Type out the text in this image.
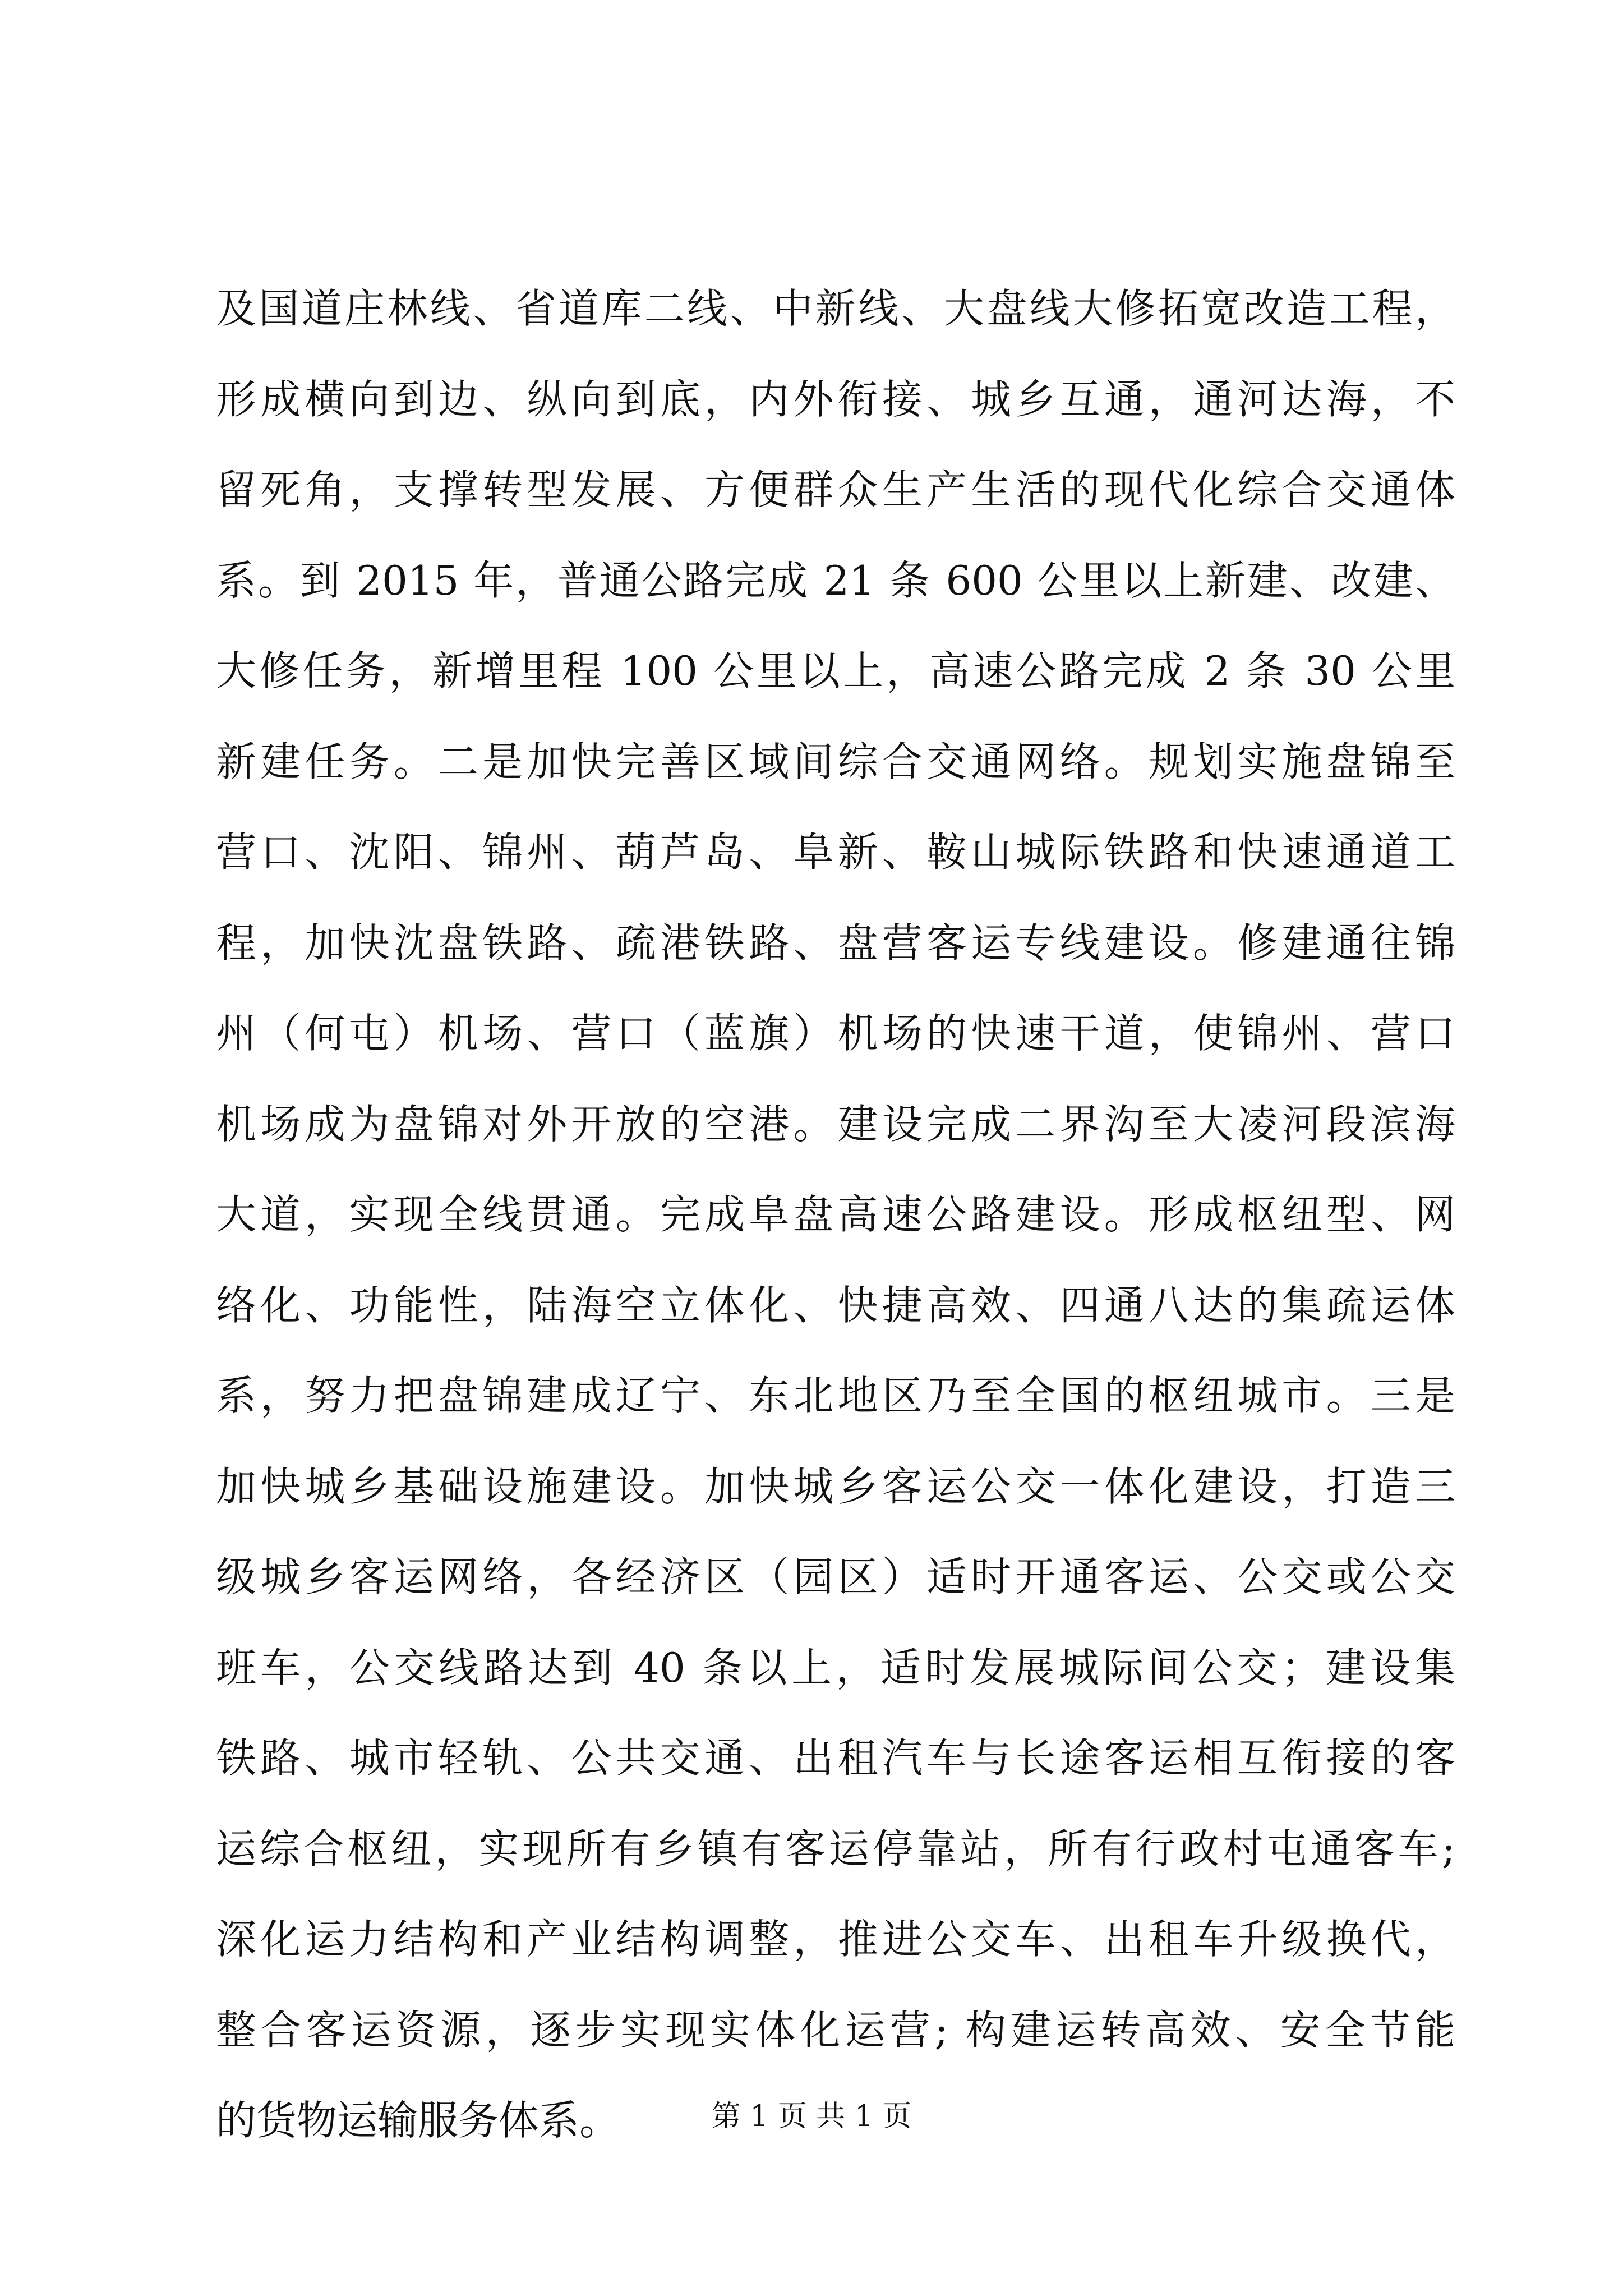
及国道庄林线、省道库二线、中新线、大盘线大修拓宽改造工程，
形成横向到边、纵向到底，内外衔接、城乡互通，通河达海，不
留死角，支撑转型发展、方便群众生产生活的现代化综合交通体
系。到 2015 年，普通公路完成 21 条 600 公里以上新建、改建、
大修任务，新增里程 100 公里以上，高速公路完成 2 条 30 公里
新建任务。二是加快完善区域间综合交通网络。规划实施盘锦至
营口、沈阳、锦州、葫芦岛、阜新、鞍山城际铁路和快速通道工
程，加快沈盘铁路、疏港铁路、盘营客运专线建设。修建通往锦
州（何屯）机场、营口（蓝旗）机场的快速干道，使锦州、营口
机场成为盘锦对外开放的空港。建设完成二界沟至大凌河段滨海
大道，实现全线贯通。完成阜盘高速公路建设。形成枢纽型、网
络化、功能性，陆海空立体化、快捷高效、四通八达的集疏运体
系，努力把盘锦建成辽宁、东北地区乃至全国的枢纽城市。三是
加快城乡基础设施建设。加快城乡客运公交一体化建设，打造三
级城乡客运网络，各经济区（园区）适时开通客运、公交或公交
班车，公交线路达到 40 条以上，适时发展城际间公交；建设集
铁路、城市轻轨、公共交通、出租汽车与长途客运相互衔接的客
运综合枢纽，实现所有乡镇有客运停靠站，所有行政村屯通客车;
深化运力结构和产业结构调整，推进公交车、出租车升级换代，
整合客运资源，逐步实现实体化运营; 构建运转高效、安全节能
的货物运输服务体系。	第 1 页 共 1 页
